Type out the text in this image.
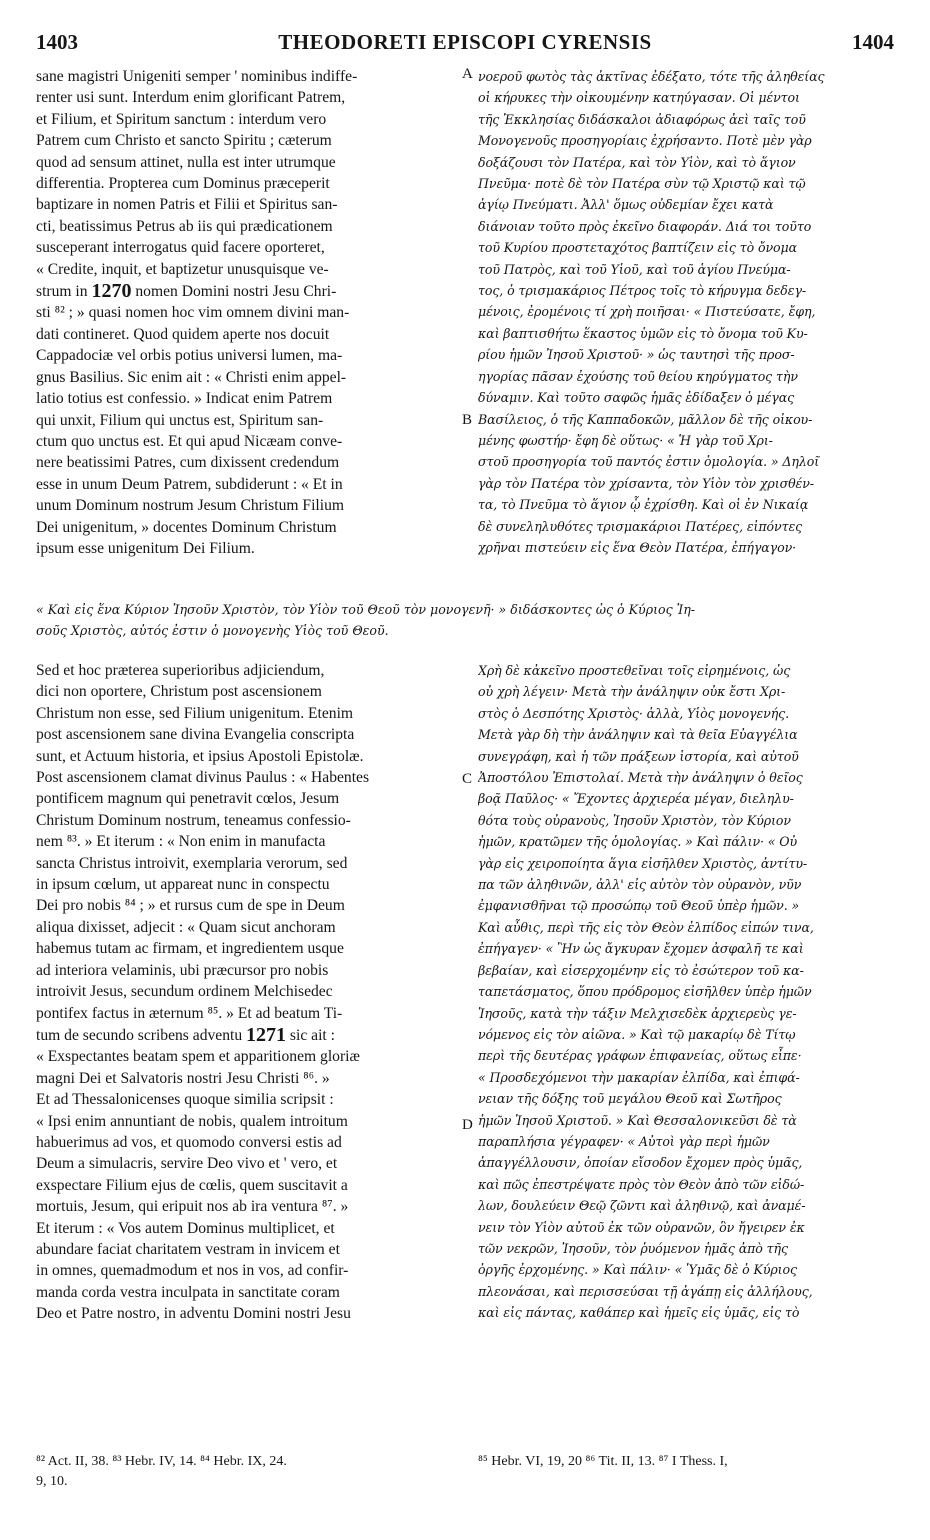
1403	THEODORETI EPISCOPI CYRENSIS	1404
sane magistri Unigeniti semper ' nominibus indiffe-
renter usi sunt. Interdum enim glorificant Patrem,
et Filium, et Spiritum sanctum : interdum vero
Patrem cum Christo et sancto Spiritu ; cæterum
quod ad sensum attinet, nulla est inter utrumque
differentia. Propterea cum Dominus præceperit
baptizare in nomen Patris et Filii et Spiritus san-
cti, beatissimus Petrus ab iis qui prædicationem
susceperant interrogatus quid facere oporteret,
« Credite, inquit, et baptizetur unusquisque ve-
strum in 1270 nomen Domini nostri Jesu Chri-
sti ⁸² ; » quasi nomen hoc vim omnem divini man-
dati contineret. Quod quidem aperte nos docuit
Cappadociæ vel orbis potius universi lumen, ma-
gnus Basilius. Sic enim ait : « Christi enim appel-
latio totius est confessio. » Indicat enim Patrem
qui unxit, Filium qui unctus est, Spiritum san-
ctum quo unctus est. Et qui apud Nicæam conve-
nere beatissimi Patres, cum dixissent credendum
esse in unum Deum Patrem, subdiderunt : « Et in
unum Dominum nostrum Jesum Christum Filium
Dei unigenitum, » docentes Dominum Christum
ipsum esse unigenitum Dei Filium.
νοεροῦ φωτὸς τὰς ἀκτῖνας ἐδέξατο, τότε τῆς ἀληθείας
οἱ κήρυκες τὴν οἰκουμένην κατηύγασαν. Οἱ μέντοι
τῆς Ἐκκλησίας διδάσκαλοι ἀδιαφόρως ἀεὶ ταῖς τοῦ
Μονογενοῦς προσηγορίαις ἐχρήσαντο. Ποτὲ μὲν γὰρ
δοξάζουσι τὸν Πατέρα, καὶ τὸν Υἱὸν, καὶ τὸ ἅγιον
Πνεῦμα· ποτὲ δὲ τὸν Πατέρα σὺν τῷ Χριστῷ καὶ τῷ
ἁγίῳ Πνεύματι. Ἀλλ' ὅμως οὐδεμίαν ἔχει κατὰ
διάνοιαν τοῦτο πρὸς ἐκεῖνο διαφοράν. Διά τοι τοῦτο
τοῦ Κυρίου προστεταχότος βαπτίζειν εἰς τὸ ὄνομα
τοῦ Πατρὸς, καὶ τοῦ Υἱοῦ, καὶ τοῦ ἁγίου Πνεύμα-
τος, ὁ τρισμακάριος Πέτρος τοῖς τὸ κήρυγμα δεδεγ-
μένοις, ἐρομένοις τί χρὴ ποιῆσαι· « Πιστεύσατε, ἔφη,
καὶ βαπτισθήτω ἕκαστος ὑμῶν εἰς τὸ ὄνομα τοῦ Κυ-
ρίου ἡμῶν Ἰησοῦ Χριστοῦ· » ὡς ταυτησὶ τῆς προσ-
ηγορίας πᾶσαν ἐχούσης τοῦ θείου κηρύγματος τὴν
δύναμιν. Καὶ τοῦτο σαφῶς ἡμᾶς ἐδίδαξεν ὁ μέγας
Βασίλειος, ὁ τῆς Καππαδοκῶν, μᾶλλον δὲ τῆς οἰκου-
μένης φωστήρ· ἔφη δὲ οὕτως· « Ἡ γὰρ τοῦ Χρι-
στοῦ προσηγορία τοῦ παντός ἐστιν ὁμολογία. » Δηλοῖ
γὰρ τὸν Πατέρα τὸν χρίσαντα, τὸν Υἱὸν τὸν χρισθέν-
τα, τὸ Πνεῦμα τὸ ἅγιον ᾧ ἐχρίσθη. Καὶ οἱ ἐν Νικαίᾳ
δὲ συνεληλυθότες τρισμακάριοι Πατέρες, εἰπόντες
χρῆναι πιστεύειν εἰς ἕνα Θεὸν Πατέρα, ἐπήγαγον·
A
B
« Καὶ εἰς ἕνα Κύριον Ἰησοῦν Χριστὸν, τὸν Υἱὸν τοῦ Θεοῦ τὸν μονογενῆ· » διδάσκοντες ὡς ὁ Κύριος Ἰη-
σοῦς Χριστὸς, αὐτός ἐστιν ὁ μονογενὴς Υἱὸς τοῦ Θεοῦ.
Sed et hoc præterea superioribus adjiciendum,
dici non oportere, Christum post ascensionem
Christum non esse, sed Filium unigenitum. Etenim
post ascensionem sane divina Evangelia conscripta
sunt, et Actuum historia, et ipsius Apostoli Epistolæ.
Post ascensionem clamat divinus Paulus : « Habentes
pontificem magnum qui penetravit cœlos, Jesum
Christum Dominum nostrum, teneamus confessio-
nem ⁸³. » Et iterum : « Non enim in manufacta
sancta Christus introivit, exemplaria verorum, sed
in ipsum cœlum, ut appareat nunc in conspectu
Dei pro nobis ⁸⁴ ; » et rursus cum de spe in Deum
aliqua dixisset, adjecit : « Quam sicut anchoram
habemus tutam ac firmam, et ingredientem usque
ad interiora velaminis, ubi præcursor pro nobis
introivit Jesus, secundum ordinem Melchisedec
pontifex factus in æternum ⁸⁵. » Et ad beatum Ti-
tum de secundo scribens adventu 1271 sic ait :
« Exspectantes beatam spem et apparitionem gloriæ
magni Dei et Salvatoris nostri Jesu Christi ⁸⁶. »
Et ad Thessalonicenses quoque similia scripsit :
« Ipsi enim annuntiant de nobis, qualem introitum
habuerimus ad vos, et quomodo conversi estis ad
Deum a simulacris, servire Deo vivo et ' vero, et
exspectare Filium ejus de cœlis, quem suscitavit a
mortuis, Jesum, qui eripuit nos ab ira ventura ⁸⁷. »
Et iterum : « Vos autem Dominus multiplicet, et
abundare faciat charitatem vestram in invicem et
in omnes, quemadmodum et nos in vos, ad confir-
manda corda vestra inculpata in sanctitate coram
Deo et Patre nostro, in adventu Domini nostri Jesu
Χρὴ δὲ κἀκεῖνο προστεθεῖναι τοῖς εἰρημένοις, ὡς
οὐ χρὴ λέγειν· Μετὰ τὴν ἀνάληψιν οὐκ ἔστι Χρι-
στὸς ὁ Δεσπότης Χριστὸς· ἀλλὰ, Υἱὸς μονογενής.
Μετὰ γὰρ δὴ τὴν ἀνάληψιν καὶ τὰ θεῖα Εὐαγγέλια
συνεγράφη, καὶ ἡ τῶν πράξεων ἱστορία, καὶ αὐτοῦ
Ἀποστόλου Ἐπιστολαί. Μετὰ τὴν ἀνάληψιν ὁ θεῖος
βοᾷ Παῦλος· « Ἔχοντες ἀρχιερέα μέγαν, διεληλυ-
θότα τοὺς οὐρανοὺς, Ἰησοῦν Χριστὸν, τὸν Κύριον
ἡμῶν, κρατῶμεν τῆς ὁμολογίας. » Καὶ πάλιν· « Οὐ
γὰρ εἰς χειροποίητα ἅγια εἰσῆλθεν Χριστὸς, ἀντίτυ-
πα τῶν ἀληθινῶν, ἀλλ' εἰς αὐτὸν τὸν οὐρανὸν, νῦν
ἐμφανισθῆναι τῷ προσώπῳ τοῦ Θεοῦ ὑπὲρ ἡμῶν. »
Καὶ αὖθις, περὶ τῆς εἰς τὸν Θεὸν ἐλπίδος εἰπών τινα,
ἐπήγαγεν· « Ἣν ὡς ἄγκυραν ἔχομεν ἀσφαλῆ τε καὶ
βεβαίαν, καὶ εἰσερχομένην εἰς τὸ ἐσώτερον τοῦ κα-
ταπετάσματος, ὅπου πρόδρομος εἰσῆλθεν ὑπὲρ ἡμῶν
Ἰησοῦς, κατὰ τὴν τάξιν Μελχισεδὲκ ἀρχιερεὺς γε-
νόμενος εἰς τὸν αἰῶνα. » Καὶ τῷ μακαρίῳ δὲ Τίτῳ
περὶ τῆς δευτέρας γράφων ἐπιφανείας, οὕτως εἶπε·
« Προσδεχόμενοι τὴν μακαρίαν ἐλπίδα, καὶ ἐπιφά-
νειαν τῆς δόξης τοῦ μεγάλου Θεοῦ καὶ Σωτῆρος
ἡμῶν Ἰησοῦ Χριστοῦ. » Καὶ Θεσσαλονικεῦσι δὲ τὰ
παραπλήσια γέγραφεν· « Αὐτοὶ γὰρ περὶ ἡμῶν
ἀπαγγέλλουσιν, ὁποίαν εἴσοδον ἔχομεν πρὸς ὑμᾶς,
καὶ πῶς ἐπεστρέψατε πρὸς τὸν Θεὸν ἀπὸ τῶν εἰδώ-
λων, δουλεύειν Θεῷ ζῶντι καὶ ἀληθινῷ, καὶ ἀναμέ-
νειν τὸν Υἱὸν αὐτοῦ ἐκ τῶν οὐρανῶν, ὃν ἤγειρεν ἐκ
τῶν νεκρῶν, Ἰησοῦν, τὸν ῥυόμενον ἡμᾶς ἀπὸ τῆς
ὀργῆς ἐρχομένης. » Καὶ πάλιν· « Ὑμᾶς δὲ ὁ Κύριος
πλεονάσαι, καὶ περισσεύσαι τῇ ἀγάπῃ εἰς ἀλλήλους,
καὶ εἰς πάντας, καθάπερ καὶ ἡμεῖς εἰς ὑμᾶς, εἰς τὸ
C
D
⁸² Act. II, 38. ⁸³ Hebr. IV, 14. ⁸⁴ Hebr. IX, 24.	⁸⁵ Hebr. VI, 19, 20 ⁸⁶ Tit. II, 13. ⁸⁷ I Thess. I,
9, 10.
